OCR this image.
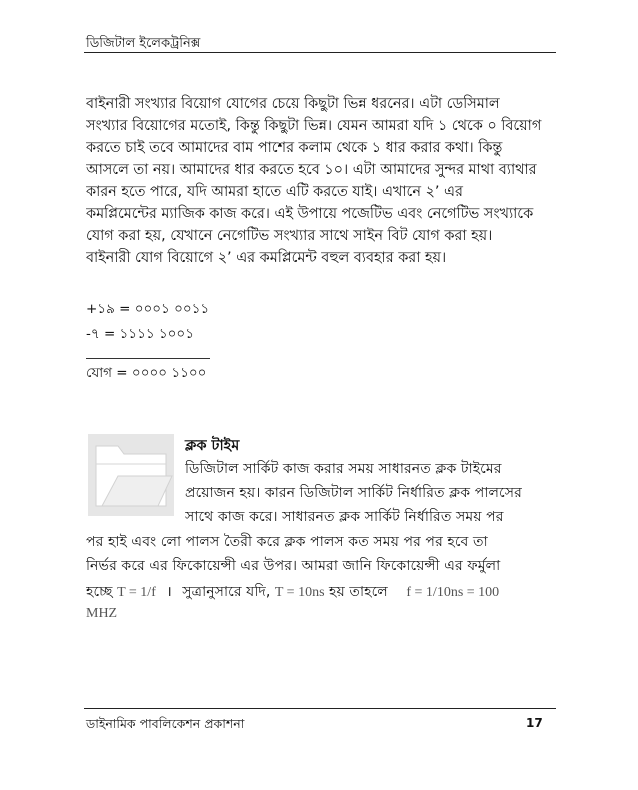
ডিজিটাল ইলেকট্রনিক্স
বাইনারী সংখ্যার বিয়োগ যোগের চেয়ে কিছুটা ভিন্ন ধরনের। এটা ডেসিমাল
সংখ্যার বিয়োগের মতোই, কিন্তু কিছুটা ভিন্ন। যেমন আমরা যদি ১ থেকে ০ বিয়োগ
করতে চাই তবে আমাদের বাম পাশের কলাম থেকে ১ ধার করার কথা। কিন্তু
আসলে তা নয়। আমাদের ধার করতে হবে ১০। এটা আমাদের সুন্দর মাথা ব্যাথার
কারন হতে পারে, যদি আমরা হাতে এটি করতে যাই। এখানে ২’ এর
কমপ্লিমেন্টের ম্যাজিক কাজ করে। এই উপায়ে পজেটিভ এবং নেগেটিভ সংখ্যাকে
যোগ করা হয়, যেখানে নেগেটিভ সংখ্যার সাথে সাইন বিট যোগ করা হয়।
বাইনারী যোগ বিয়োগে ২’ এর কমপ্লিমেন্ট বহুল ব্যবহার করা হয়।
+১৯ = ০০০১ ০০১১
-৭ = ১১১১ ১০০১
যোগ = ০০০০ ১১০০
ক্লক টাইম
ডিজিটাল সার্কিট কাজ করার সময় সাধারনত ক্লক টাইমের
প্রয়োজন হয়। কারন ডিজিটাল সার্কিট নির্ধারিত ক্লক পালসের
সাথে কাজ করে। সাধারনত ক্লক সার্কিট নির্ধারিত সময় পর
পর হাই এবং লো পালস তৈরী করে ক্লক পালস কত সময় পর পর হবে তা
নির্ভর করে এর ফিকোয়েন্সী এর উপর। আমরা জানি ফিকোয়েন্সী এর ফর্মুলা
হচ্ছে T = 1/f । সুত্রানুসারে যদি, T = 10ns হয় তাহলে f = 1/10ns = 100
MHZ
ডাইনামিক পাবলিকেশন প্রকাশনা	17
